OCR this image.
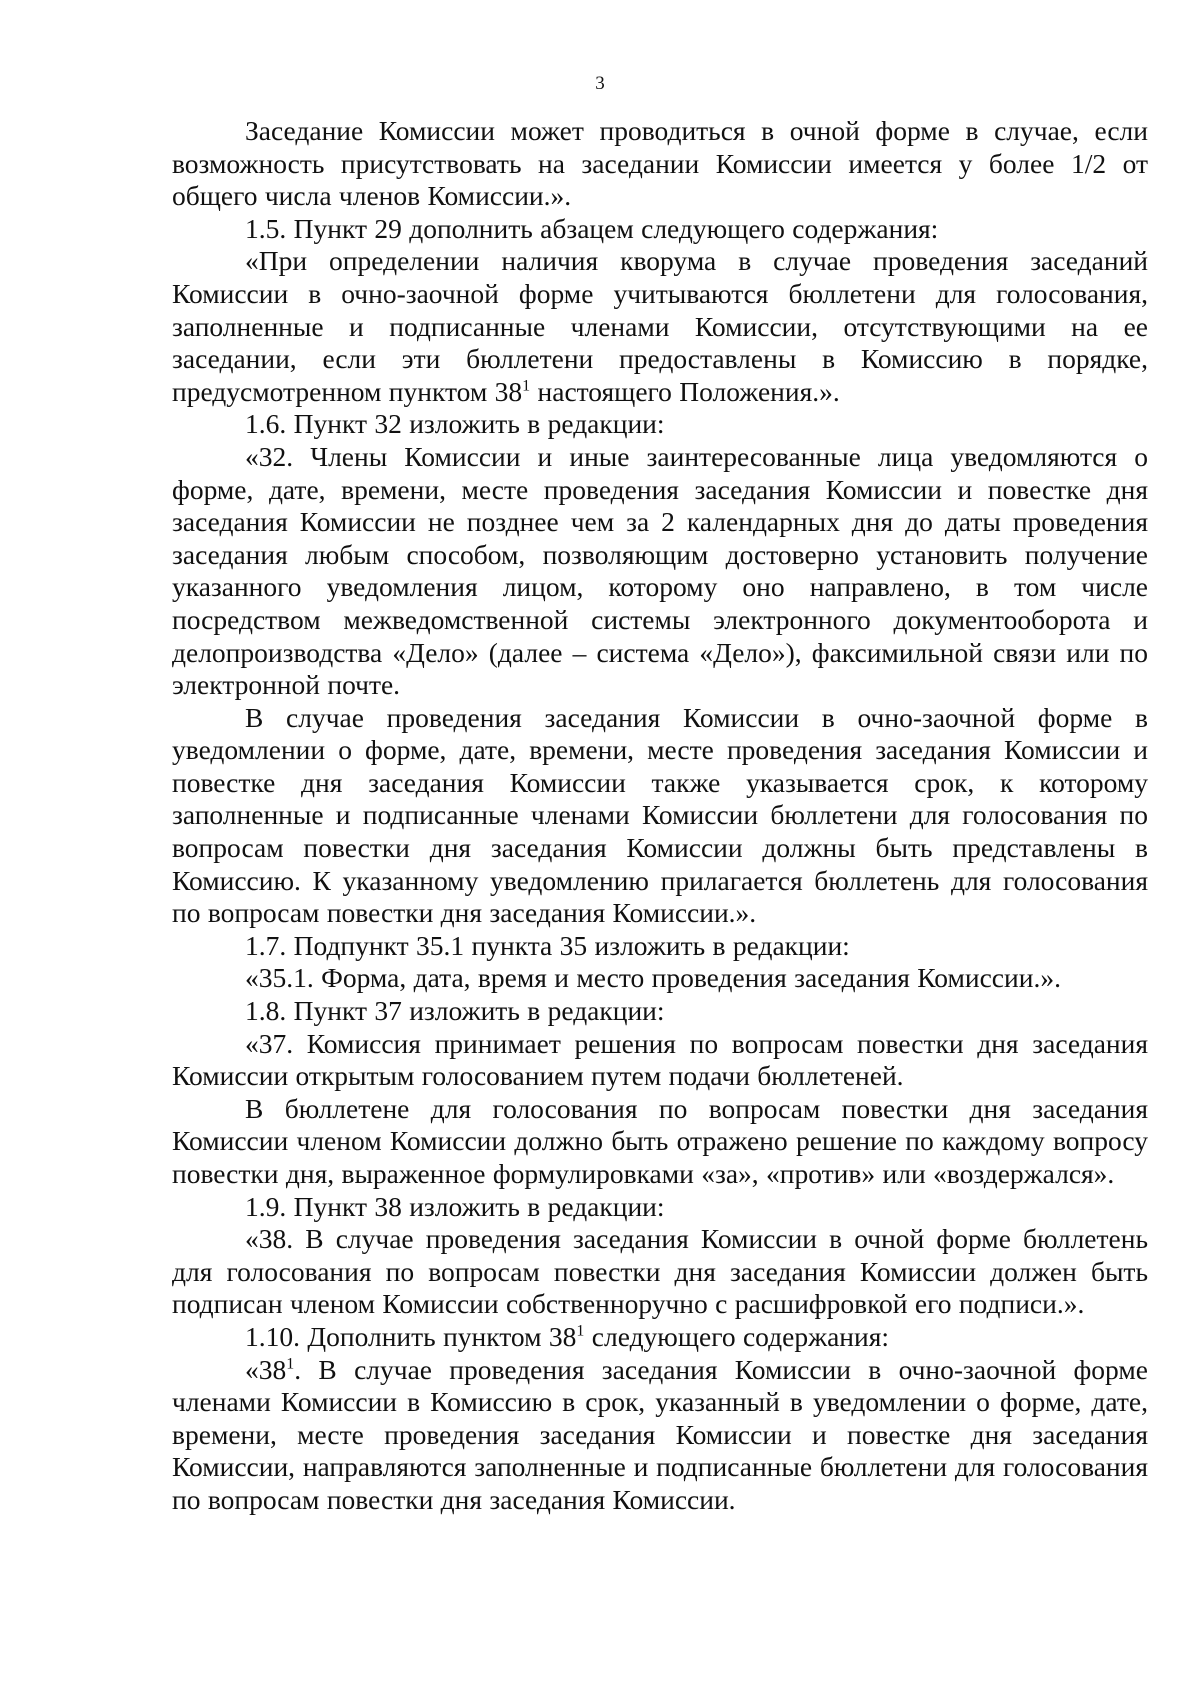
3

Заседание Комиссии может проводиться в очной форме в случае, если возможность присутствовать на заседании Комиссии имеется у более 1/2 от общего числа членов Комиссии.».

1.5. Пункт 29 дополнить абзацем следующего содержания:

«При определении наличия кворума в случае проведения заседаний Комиссии в очно-заочной форме учитываются бюллетени для голосования, заполненные и подписанные членами Комиссии, отсутствующими на ее заседании, если эти бюллетени предоставлены в Комиссию в порядке, предусмотренном пунктом $38^1$ настоящего Положения.».

1.6. Пункт 32 изложить в редакции:

«32. Члены Комиссии и иные заинтересованные лица уведомляются о форме, дате, времени, месте проведения заседания Комиссии и повестке дня заседания Комиссии не позднее чем за 2 календарных дня до даты проведения заседания любым способом, позволяющим достоверно установить получение указанного уведомления лицом, которому оно направлено, в том числе посредством межведомственной системы электронного документооборота и делопроизводства «Дело» (далее – система «Дело»), факсимильной связи или по электронной почте.

В случае проведения заседания Комиссии в очно-заочной форме в уведомлении о форме, дате, времени, месте проведения заседания Комиссии и повестке дня заседания Комиссии также указывается срок, к которому заполненные и подписанные членами Комиссии бюллетени для голосования по вопросам повестки дня заседания Комиссии должны быть представлены в Комиссию. К указанному уведомлению прилагается бюллетень для голосования по вопросам повестки дня заседания Комиссии.».

1.7. Подпункт 35.1 пункта 35 изложить в редакции:

«35.1. Форма, дата, время и место проведения заседания Комиссии.».

1.8. Пункт 37 изложить в редакции:

«37. Комиссия принимает решения по вопросам повестки дня заседания Комиссии открытым голосованием путем подачи бюллетеней.

В бюллетене для голосования по вопросам повестки дня заседания Комиссии членом Комиссии должно быть отражено решение по каждому вопросу повестки дня, выраженное формулировками «за», «против» или «воздержался».

1.9. Пункт 38 изложить в редакции:

«38. В случае проведения заседания Комиссии в очной форме бюллетень для голосования по вопросам повестки дня заседания Комиссии должен быть подписан членом Комиссии собственноручно с расшифровкой его подписи.».

1.10. Дополнить пунктом $38^1$ следующего содержания:

«$38^1$. В случае проведения заседания Комиссии в очно-заочной форме членами Комиссии в Комиссию в срок, указанный в уведомлении о форме, дате, времени, месте проведения заседания Комиссии и повестке дня заседания Комиссии, направляются заполненные и подписанные бюллетени для голосования по вопросам повестки дня заседания Комиссии.
